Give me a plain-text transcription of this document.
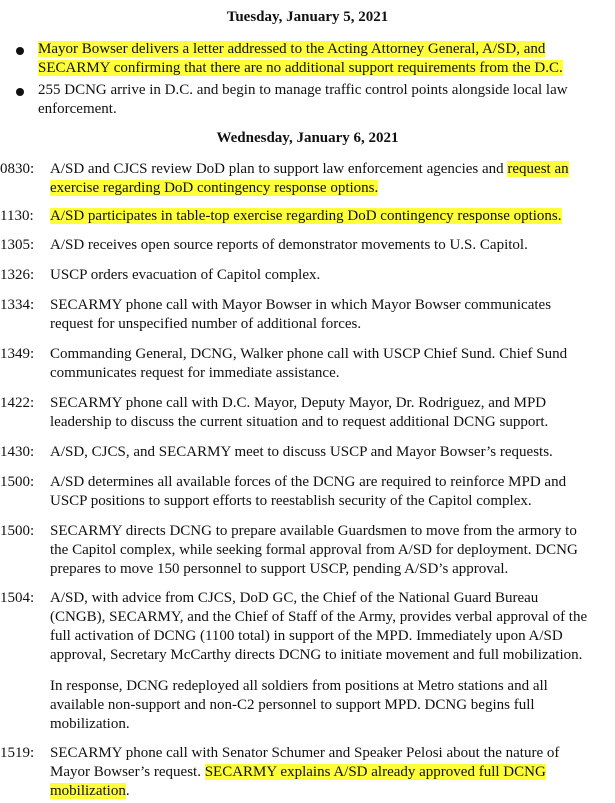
Tuesday, January 5, 2021
Mayor Bowser delivers a letter addressed to the Acting Attorney General, A/SD, and
SECARMY confirming that there are no additional support requirements from the D.C.
255 DCNG arrive in D.C. and begin to manage traffic control points alongside local law
enforcement.
Wednesday, January 6, 2021
0830:	A/SD and CJCS review DoD plan to support law enforcement agencies and request an
exercise regarding DoD contingency response options.
1130:	A/SD participates in table-top exercise regarding DoD contingency response options.
1305:	A/SD receives open source reports of demonstrator movements to U.S. Capitol.
1326:	USCP orders evacuation of Capitol complex.
1334:	SECARMY phone call with Mayor Bowser in which Mayor Bowser communicates
request for unspecified number of additional forces.
1349:	Commanding General, DCNG, Walker phone call with USCP Chief Sund. Chief Sund
communicates request for immediate assistance.
1422:	SECARMY phone call with D.C. Mayor, Deputy Mayor, Dr. Rodriguez, and MPD
leadership to discuss the current situation and to request additional DCNG support.
1430:	A/SD, CJCS, and SECARMY meet to discuss USCP and Mayor Bowser’s requests.
1500:	A/SD determines all available forces of the DCNG are required to reinforce MPD and
USCP positions to support efforts to reestablish security of the Capitol complex.
1500:	SECARMY directs DCNG to prepare available Guardsmen to move from the armory to
the Capitol complex, while seeking formal approval from A/SD for deployment. DCNG
prepares to move 150 personnel to support USCP, pending A/SD’s approval.
1504:	A/SD, with advice from CJCS, DoD GC, the Chief of the National Guard Bureau
(CNGB), SECARMY, and the Chief of Staff of the Army, provides verbal approval of the
full activation of DCNG (1100 total) in support of the MPD. Immediately upon A/SD
approval, Secretary McCarthy directs DCNG to initiate movement and full mobilization.
In response, DCNG redeployed all soldiers from positions at Metro stations and all
available non-support and non-C2 personnel to support MPD. DCNG begins full
mobilization.
1519:	SECARMY phone call with Senator Schumer and Speaker Pelosi about the nature of
Mayor Bowser’s request. SECARMY explains A/SD already approved full DCNG
mobilization.
